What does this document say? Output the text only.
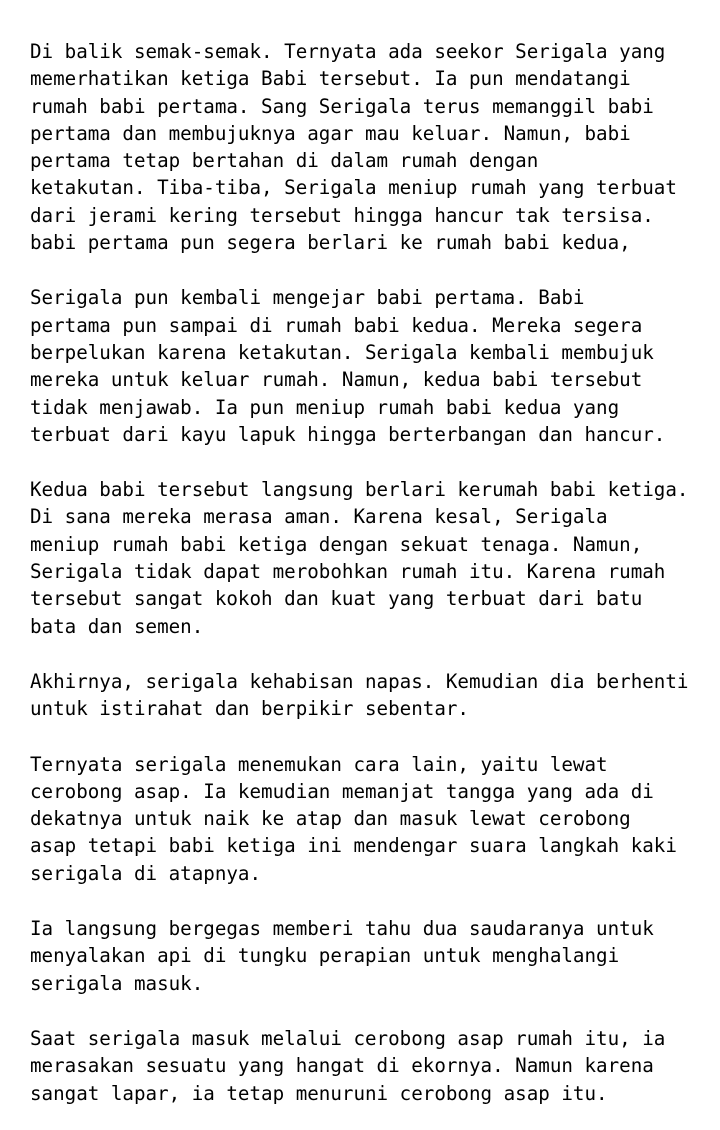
Di balik semak-semak. Ternyata ada seekor Serigala yang
memerhatikan ketiga Babi tersebut. Ia pun mendatangi
rumah babi pertama. Sang Serigala terus memanggil babi
pertama dan membujuknya agar mau keluar. Namun, babi
pertama tetap bertahan di dalam rumah dengan
ketakutan. Tiba-tiba, Serigala meniup rumah yang terbuat
dari jerami kering tersebut hingga hancur tak tersisa.
babi pertama pun segera berlari ke rumah babi kedua,
Serigala pun kembali mengejar babi pertama. Babi
pertama pun sampai di rumah babi kedua. Mereka segera
berpelukan karena ketakutan. Serigala kembali membujuk
mereka untuk keluar rumah. Namun, kedua babi tersebut
tidak menjawab. Ia pun meniup rumah babi kedua yang
terbuat dari kayu lapuk hingga berterbangan dan hancur.
Kedua babi tersebut langsung berlari kerumah babi ketiga.
Di sana mereka merasa aman. Karena kesal, Serigala
meniup rumah babi ketiga dengan sekuat tenaga. Namun,
Serigala tidak dapat merobohkan rumah itu. Karena rumah
tersebut sangat kokoh dan kuat yang terbuat dari batu
bata dan semen.
Akhirnya, serigala kehabisan napas. Kemudian dia berhenti
untuk istirahat dan berpikir sebentar.
Ternyata serigala menemukan cara lain, yaitu lewat
cerobong asap. Ia kemudian memanjat tangga yang ada di
dekatnya untuk naik ke atap dan masuk lewat cerobong
asap tetapi babi ketiga ini mendengar suara langkah kaki
serigala di atapnya.
Ia langsung bergegas memberi tahu dua saudaranya untuk
menyalakan api di tungku perapian untuk menghalangi
serigala masuk.
Saat serigala masuk melalui cerobong asap rumah itu, ia
merasakan sesuatu yang hangat di ekornya. Namun karena
sangat lapar, ia tetap menuruni cerobong asap itu.
